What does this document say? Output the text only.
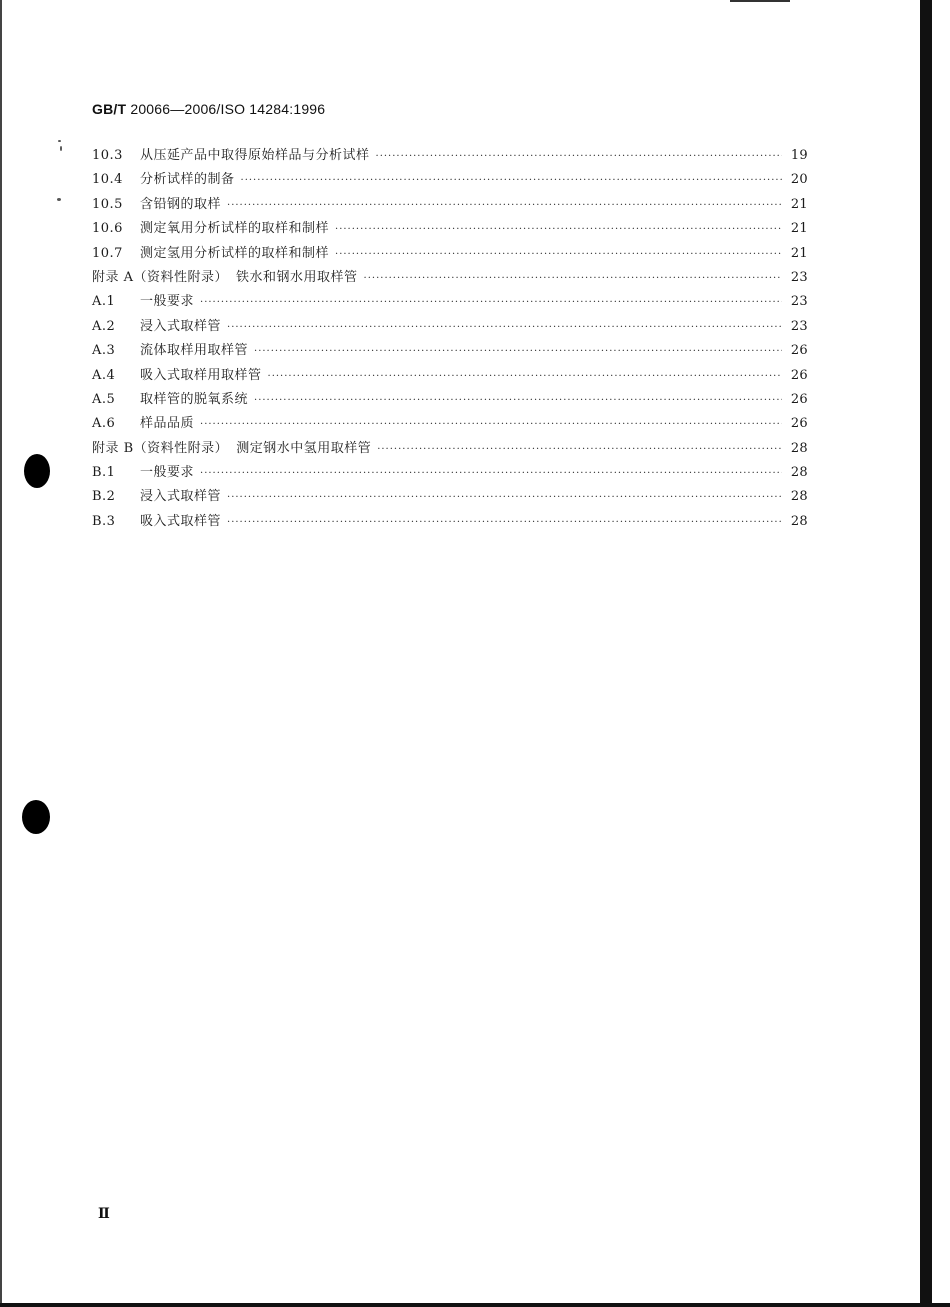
GB/T 20066—2006/ISO 14284:1996
10.3	从压延产品中取得原始样品与分析试样 ·····	19
10.4	分析试样的制备 ·····	20
10.5	含铅钢的取样 ·····	21
10.6	测定氧用分析试样的取样和制样 ·····	21
10.7	测定氢用分析试样的取样和制样 ·····	21
附录 A（资料性附录） 铁水和钢水用取样管 ·····	23
A.1	一般要求 ·····	23
A.2	浸入式取样管 ·····	23
A.3	流体取样用取样管 ·····	26
A.4	吸入式取样用取样管 ·····	26
A.5	取样管的脱氧系统 ·····	26
A.6	样品品质 ·····	26
附录 B（资料性附录） 测定钢水中氢用取样管 ·····	28
B.1	一般要求 ·····	28
B.2	浸入式取样管 ·····	28
B.3	吸入式取样管 ·····	28
Ⅱ
